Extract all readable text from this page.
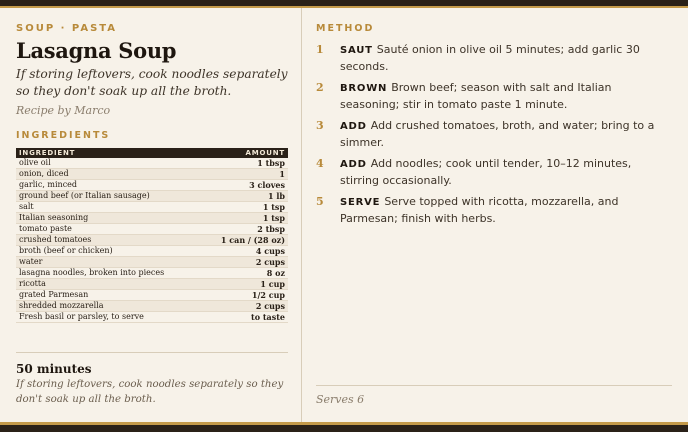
SOUP · PASTA
Lasagna Soup

If storing leftovers, cook noodles separately so they don't soak up all the broth.

Recipe by Marco

INGREDIENTS
INGREDIENT	AMOUNT
olive oil	1 tbsp
onion, diced	1
garlic, minced	3 cloves
ground beef (or Italian sausage)	1 lb
salt	1 tsp
Italian seasoning	1 tsp
tomato paste	2 tbsp
crushed tomatoes	1 can / (28 oz)
broth (beef or chicken)	4 cups
water	2 cups
lasagna noodles, broken into pieces	8 oz
ricotta	1 cup
grated Parmesan	1/2 cup
shredded mozzarella	2 cups
Fresh basil or parsley, to serve	to taste
50 minutes

If storing leftovers, cook noodles separately so they don't soak up all the broth.

METHOD
1 SAUT Sauté onion in olive oil 5 minutes; add garlic 30 seconds.
2 BROWN Brown beef; season with salt and Italian seasoning; stir in tomato paste 1 minute.
3 ADD Add crushed tomatoes, broth, and water; bring to a simmer.
4 ADD Add noodles; cook until tender, 10–12 minutes, stirring occasionally.
5 SERVE Serve topped with ricotta, mozzarella, and Parmesan; finish with herbs.
Serves 6
